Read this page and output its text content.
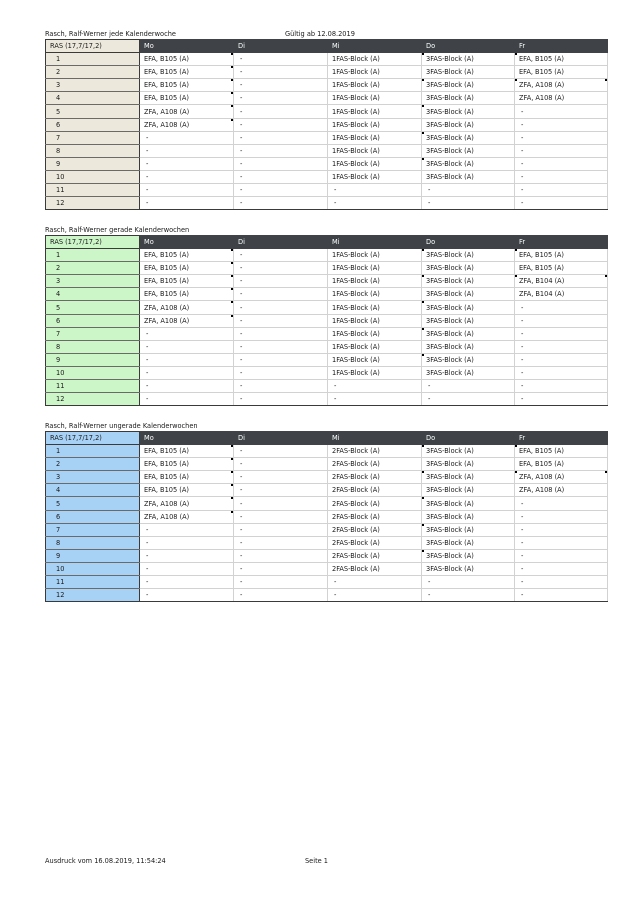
Rasch, Ralf-Werner jede Kalenderwoche	Gültig ab 12.08.2019
RAS (17,7/17,2)	Mo	Di	Mi	Do	Fr
1	EFA, B105 (A)	-	1FAS-Block (A)	3FAS-Block (A)	EFA, B105 (A)

2	EFA, B105 (A)	-	1FAS-Block (A)	3FAS-Block (A)	EFA, B105 (A)
3	EFA, B105 (A)	-	1FAS-Block (A)	3FAS-Block (A)	ZFA, A108 (A)

4	EFA, B105 (A)	-	1FAS-Block (A)	3FAS-Block (A)	ZFA, A108 (A)
5	ZFA, A108 (A)	-	1FAS-Block (A)	3FAS-Block (A)	-
6	ZFA, A108 (A)	-	1FAS-Block (A)	3FAS-Block (A)	-
7	-	-	1FAS-Block (A)	3FAS-Block (A)	-
8	-	-	1FAS-Block (A)	3FAS-Block (A)	-
9	-	-	1FAS-Block (A)	3FAS-Block (A)	-
10	-	-	1FAS-Block (A)	3FAS-Block (A)	-
11	-	-	-	-	-
12	-	-	-	-	-
Rasch, Ralf-Werner gerade Kalenderwochen
RAS (17,7/17,2)	Mo	Di	Mi	Do	Fr
1	EFA, B105 (A)	-	1FAS-Block (A)	3FAS-Block (A)	EFA, B105 (A)

2	EFA, B105 (A)	-	1FAS-Block (A)	3FAS-Block (A)	EFA, B105 (A)
3	EFA, B105 (A)	-	1FAS-Block (A)	3FAS-Block (A)	ZFA, B104 (A)

4	EFA, B105 (A)	-	1FAS-Block (A)	3FAS-Block (A)	ZFA, B104 (A)
5	ZFA, A108 (A)	-	1FAS-Block (A)	3FAS-Block (A)	-
6	ZFA, A108 (A)	-	1FAS-Block (A)	3FAS-Block (A)	-
7	-	-	1FAS-Block (A)	3FAS-Block (A)	-
8	-	-	1FAS-Block (A)	3FAS-Block (A)	-
9	-	-	1FAS-Block (A)	3FAS-Block (A)	-
10	-	-	1FAS-Block (A)	3FAS-Block (A)	-
11	-	-	-	-	-
12	-	-	-	-	-
Rasch, Ralf-Werner ungerade Kalenderwochen
RAS (17,7/17,2)	Mo	Di	Mi	Do	Fr
1	EFA, B105 (A)	-	2FAS-Block (A)	3FAS-Block (A)	EFA, B105 (A)

2	EFA, B105 (A)	-	2FAS-Block (A)	3FAS-Block (A)	EFA, B105 (A)
3	EFA, B105 (A)	-	2FAS-Block (A)	3FAS-Block (A)	ZFA, A108 (A)

4	EFA, B105 (A)	-	2FAS-Block (A)	3FAS-Block (A)	ZFA, A108 (A)
5	ZFA, A108 (A)	-	2FAS-Block (A)	3FAS-Block (A)	-
6	ZFA, A108 (A)	-	2FAS-Block (A)	3FAS-Block (A)	-
7	-	-	2FAS-Block (A)	3FAS-Block (A)	-
8	-	-	2FAS-Block (A)	3FAS-Block (A)	-
9	-	-	2FAS-Block (A)	3FAS-Block (A)	-
10	-	-	2FAS-Block (A)	3FAS-Block (A)	-
11	-	-	-	-	-
12	-	-	-	-	-
Ausdruck vom 16.08.2019, 11:54:24	Seite 1
